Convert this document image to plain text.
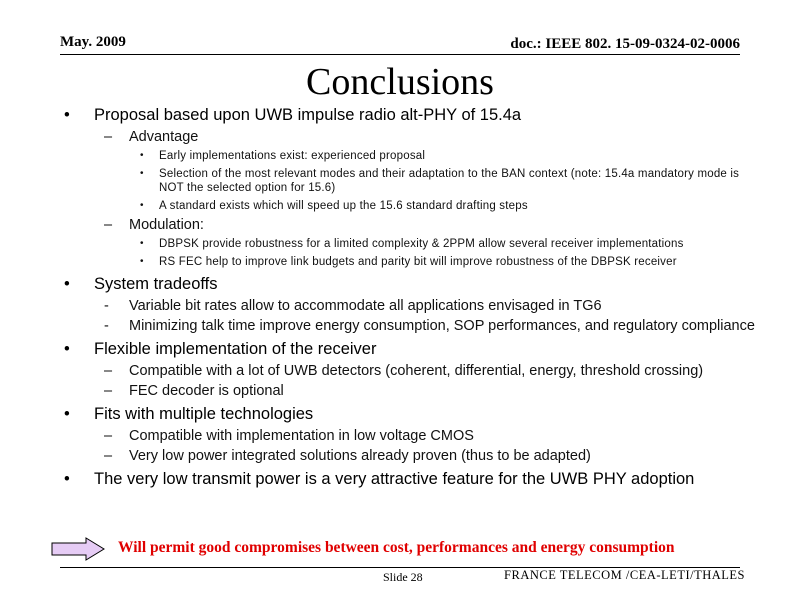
May. 2009	doc.: IEEE 802. 15-09-0324-02-0006
Conclusions
• Proposal based upon UWB impulse radio alt-PHY of 15.4a
– Advantage
• Early implementations exist: experienced proposal
• Selection of the most relevant modes and their adaptation to the BAN context (note: 15.4a mandatory mode is NOT the selected option for 15.6)
• A standard exists which will speed up the 15.6 standard drafting steps
– Modulation:
• DBPSK provide robustness for a limited complexity & 2PPM allow several receiver implementations
• RS FEC help to improve link budgets and parity bit will improve robustness of the DBPSK receiver
• System tradeoffs
- Variable bit rates allow to accommodate all applications envisaged in TG6
- Minimizing talk time improve energy consumption, SOP performances, and regulatory compliance
• Flexible implementation of the receiver
– Compatible with a lot of UWB detectors (coherent, differential, energy, threshold crossing)
– FEC decoder is optional
• Fits with multiple technologies
– Compatible with implementation in low voltage CMOS
– Very low power integrated solutions already proven (thus to be adapted)
• The very low transmit power is a very attractive feature for the UWB PHY adoption
Will permit good compromises between cost, performances and energy consumption
Slide 28	FRANCE TELECOM /CEA-LETI/THALES
